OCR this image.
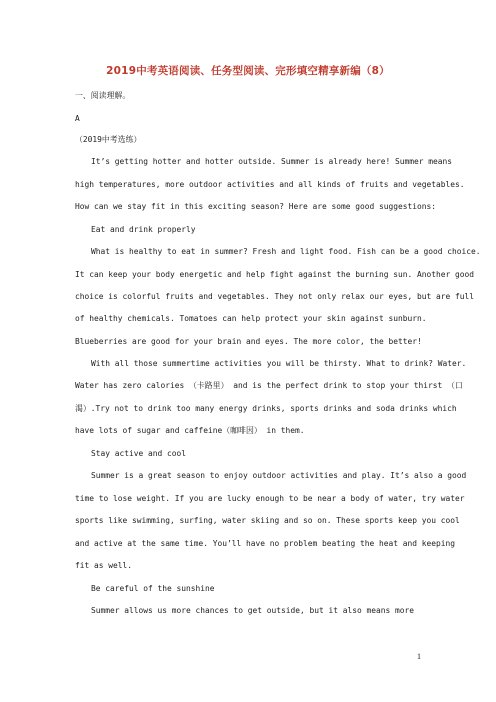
2019中考英语阅读、任务型阅读、完形填空精享新编（8）
一、阅读理解。
A
（2019中考选练）
It’s getting hotter and hotter outside. Summer is already here! Summer means
high temperatures, more outdoor activities and all kinds of fruits and vegetables.
How can we stay fit in this exciting season? Here are some good suggestions:
Eat and drink properly
What is healthy to eat in summer? Fresh and light food. Fish can be a good choice.
It can keep your body energetic and help fight against the burning sun. Another good
choice is colorful fruits and vegetables. They not only relax our eyes, but are full
of healthy chemicals. Tomatoes can help protect your skin against sunburn.
Blueberries are good for your brain and eyes. The more color, the better!
With all those summertime activities you will be thirsty. What to drink? Water.
Water has zero calories （卡路里） and is the perfect drink to stop your thirst （口
渴）.Try not to drink too many energy drinks, sports drinks and soda drinks which
have lots of sugar and caffeine（咖啡因） in them.
Stay active and cool
Summer is a great season to enjoy outdoor activities and play. It’s also a good
time to lose weight. If you are lucky enough to be near a body of water, try water
sports like swimming, surfing, water skiing and so on. These sports keep you cool
and active at the same time. You’ll have no problem beating the heat and keeping
fit as well.
Be careful of the sunshine
Summer allows us more chances to get outside, but it also means more
1
